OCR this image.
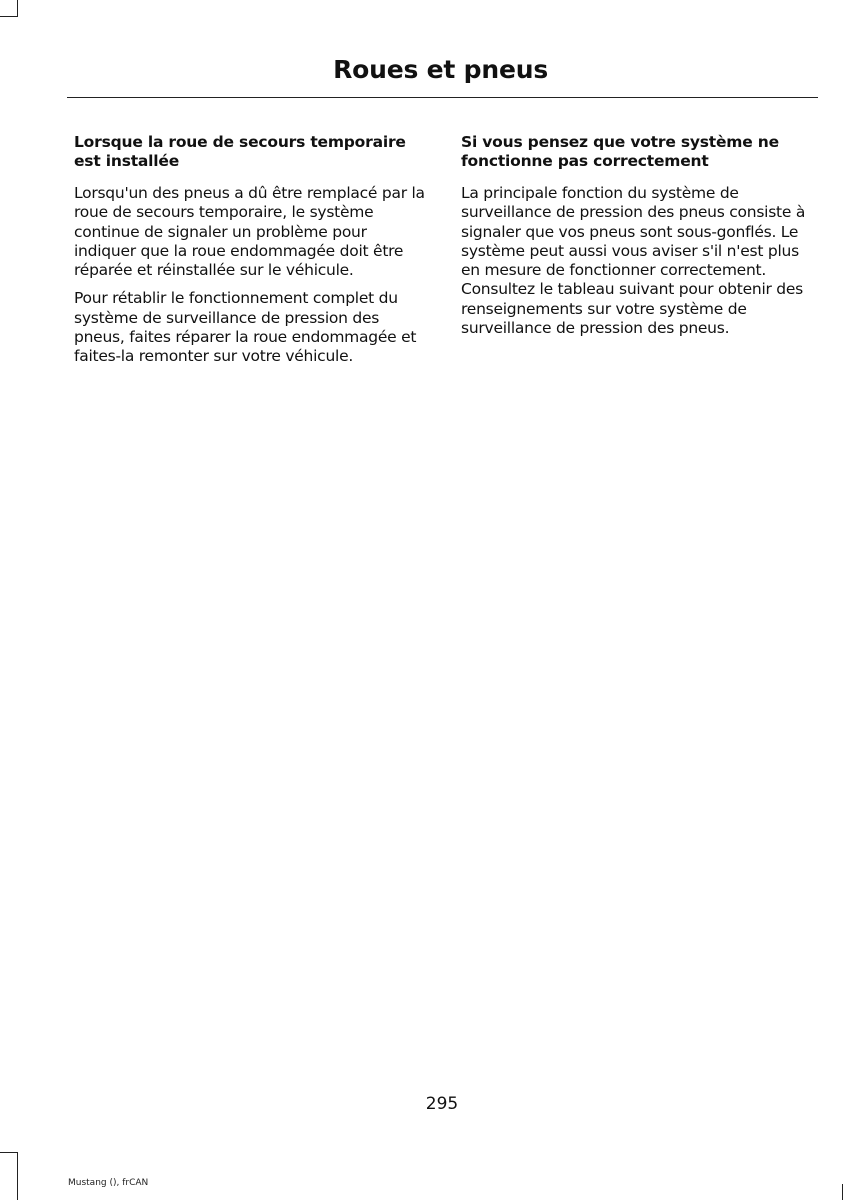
Roues et pneus
Lorsque la roue de secours temporaire est installée

Lorsqu'un des pneus a dû être remplacé par la roue de secours temporaire, le système continue de signaler un problème pour indiquer que la roue endommagée doit être réparée et réinstallée sur le véhicule.

Pour rétablir le fonctionnement complet du système de surveillance de pression des pneus, faites réparer la roue endommagée et faites-la remonter sur votre véhicule.

Si vous pensez que votre système ne fonctionne pas correctement

La principale fonction du système de surveillance de pression des pneus consiste à signaler que vos pneus sont sous-gonflés. Le système peut aussi vous aviser s'il n'est plus en mesure de fonctionner correctement. Consultez le tableau suivant pour obtenir des renseignements sur votre système de surveillance de pression des pneus.

295
Mustang (), frCAN
